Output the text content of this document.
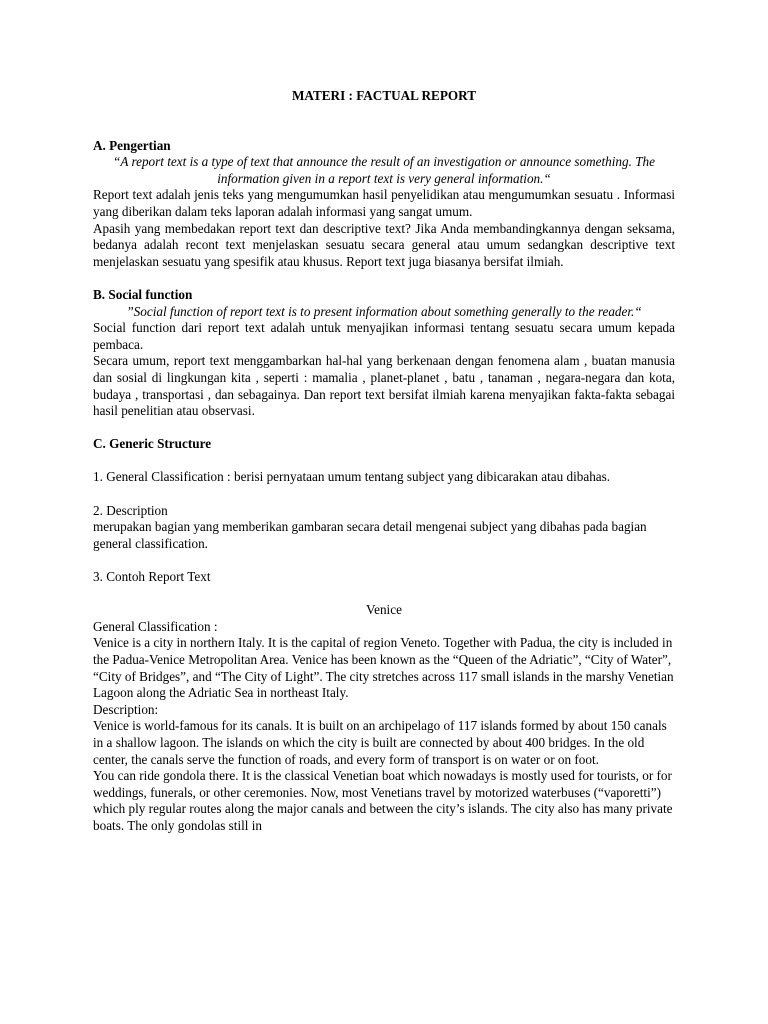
MATERI : FACTUAL REPORT

A. Pengertian

“A report text is a type of text that announce the result of an investigation or announce something. The information given in a report text is very general information.“

Report text adalah jenis teks yang mengumumkan hasil penyelidikan atau mengumumkan sesuatu . Informasi yang diberikan dalam teks laporan adalah informasi yang sangat umum.

Apasih yang membedakan report text dan descriptive text? Jika Anda membandingkannya dengan seksama, bedanya adalah recont text menjelaskan sesuatu secara general atau umum sedangkan descriptive text menjelaskan sesuatu yang spesifik atau khusus. Report text juga biasanya bersifat ilmiah.

B. Social function

”Social function of report text is to present information about something generally to the reader.“

Social function dari report text adalah untuk menyajikan informasi tentang sesuatu secara umum kepada pembaca.

Secara umum, report text menggambarkan hal-hal yang berkenaan dengan fenomena alam , buatan manusia dan sosial di lingkungan kita , seperti : mamalia , planet-planet , batu , tanaman , negara-negara dan kota, budaya , transportasi , dan sebagainya. Dan report text bersifat ilmiah karena menyajikan fakta-fakta sebagai hasil penelitian atau observasi.

C. Generic Structure

1. General Classification : berisi pernyataan umum tentang subject yang dibicarakan atau dibahas.

2. Description

merupakan bagian yang memberikan gambaran secara detail mengenai subject yang dibahas pada bagian general classification.

3. Contoh Report Text

Venice

General Classification :

Venice is a city in northern Italy. It is the capital of region Veneto. Together with Padua, the city is included in the Padua-Venice Metropolitan Area. Venice has been known as the “Queen of the Adriatic”, “City of Water”, “City of Bridges”, and “The City of Light”. The city stretches across 117 small islands in the marshy Venetian Lagoon along the Adriatic Sea in northeast Italy.

Description:

Venice is world-famous for its canals. It is built on an archipelago of 117 islands formed by about 150 canals in a shallow lagoon. The islands on which the city is built are connected by about 400 bridges. In the old center, the canals serve the function of roads, and every form of transport is on water or on foot.

You can ride gondola there. It is the classical Venetian boat which nowadays is mostly used for tourists, or for weddings, funerals, or other ceremonies. Now, most Venetians travel by motorized waterbuses (“vaporetti”) which ply regular routes along the major canals and between the city’s islands. The city also has many private boats. The only gondolas still in
